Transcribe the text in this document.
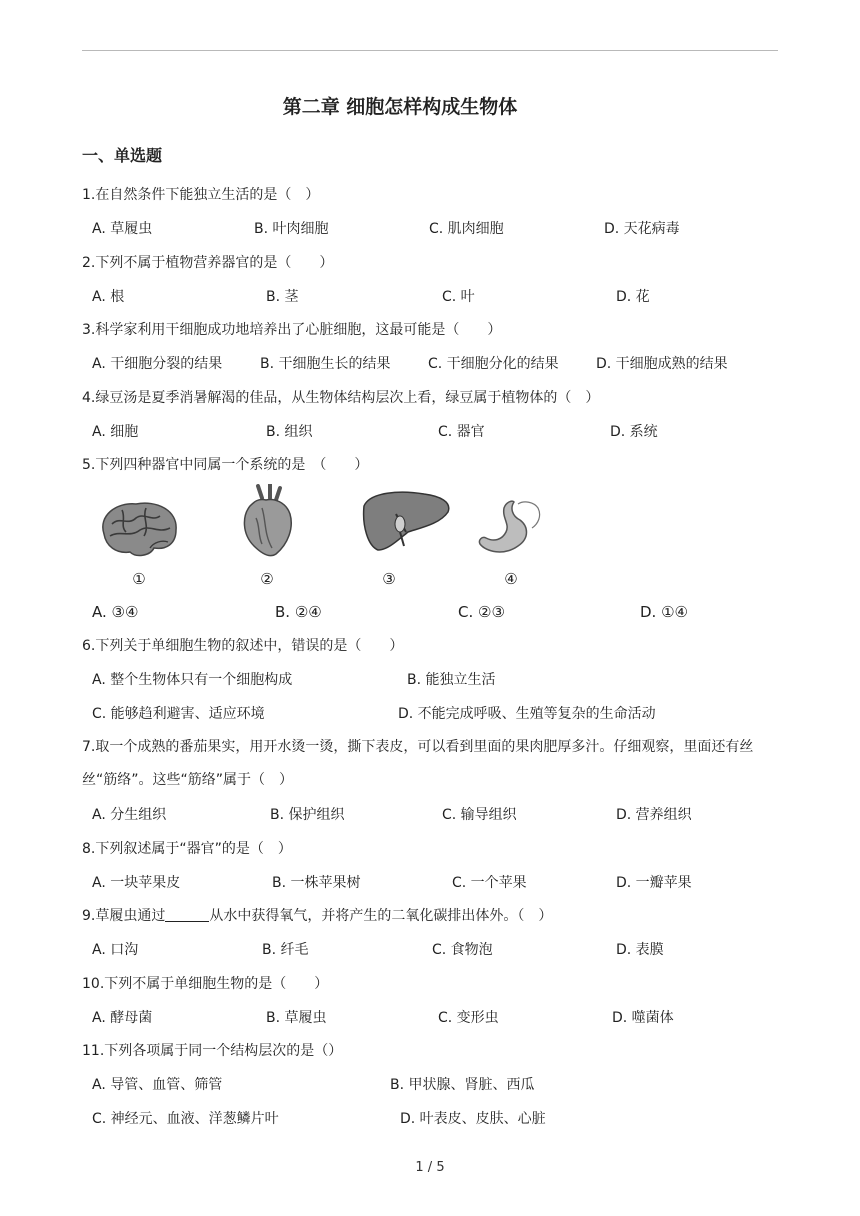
第二章 细胞怎样构成生物体
一、单选题
1.在自然条件下能独立生活的是（　）
A. 草履虫	B. 叶肉细胞	C. 肌肉细胞	D. 天花病毒
2.下列不属于植物营养器官的是（　　）
A. 根	B. 茎	C. 叶	D. 花
3.科学家利用干细胞成功地培养出了心脏细胞，这最可能是（　　）
A. 干细胞分裂的结果	B. 干细胞生长的结果	C. 干细胞分化的结果	D. 干细胞成熟的结果
4.绿豆汤是夏季消暑解渴的佳品，从生物体结构层次上看，绿豆属于植物体的（　）
A. 细胞	B. 组织	C. 器官	D. 系统
5.下列四种器官中同属一个系统的是　（　　）
①	②	③	④
A. ③④	B. ②④	C. ②③	D. ①④
6.下列关于单细胞生物的叙述中，错误的是（　　）
A. 整个生物体只有一个细胞构成	B. 能独立生活
C. 能够趋利避害、适应环境	D. 不能完成呼吸、生殖等复杂的生命活动
7.取一个成熟的番茄果实，用开水烫一烫，撕下表皮，可以看到里面的果肉肥厚多汁。仔细观察，里面还有丝丝“筋络”。这些“筋络”属于（　）
A. 分生组织	B. 保护组织	C. 输导组织	D. 营养组织
8.下列叙述属于“器官”的是（　）
A. 一块苹果皮	B. 一株苹果树	C. 一个苹果	D. 一瓣苹果
9.草履虫通过	从水中获得氧气，并将产生的二氧化碳排出体外。（　）
A. 口沟	B. 纤毛	C. 食物泡	D. 表膜
10.下列不属于单细胞生物的是（　　）
A. 酵母菌	B. 草履虫	C. 变形虫	D. 噬菌体
11.下列各项属于同一个结构层次的是（）
A. 导管、血管、筛管	B. 甲状腺、肾脏、西瓜
C. 神经元、血液、洋葱鳞片叶	D. 叶表皮、皮肤、心脏
1 / 5
